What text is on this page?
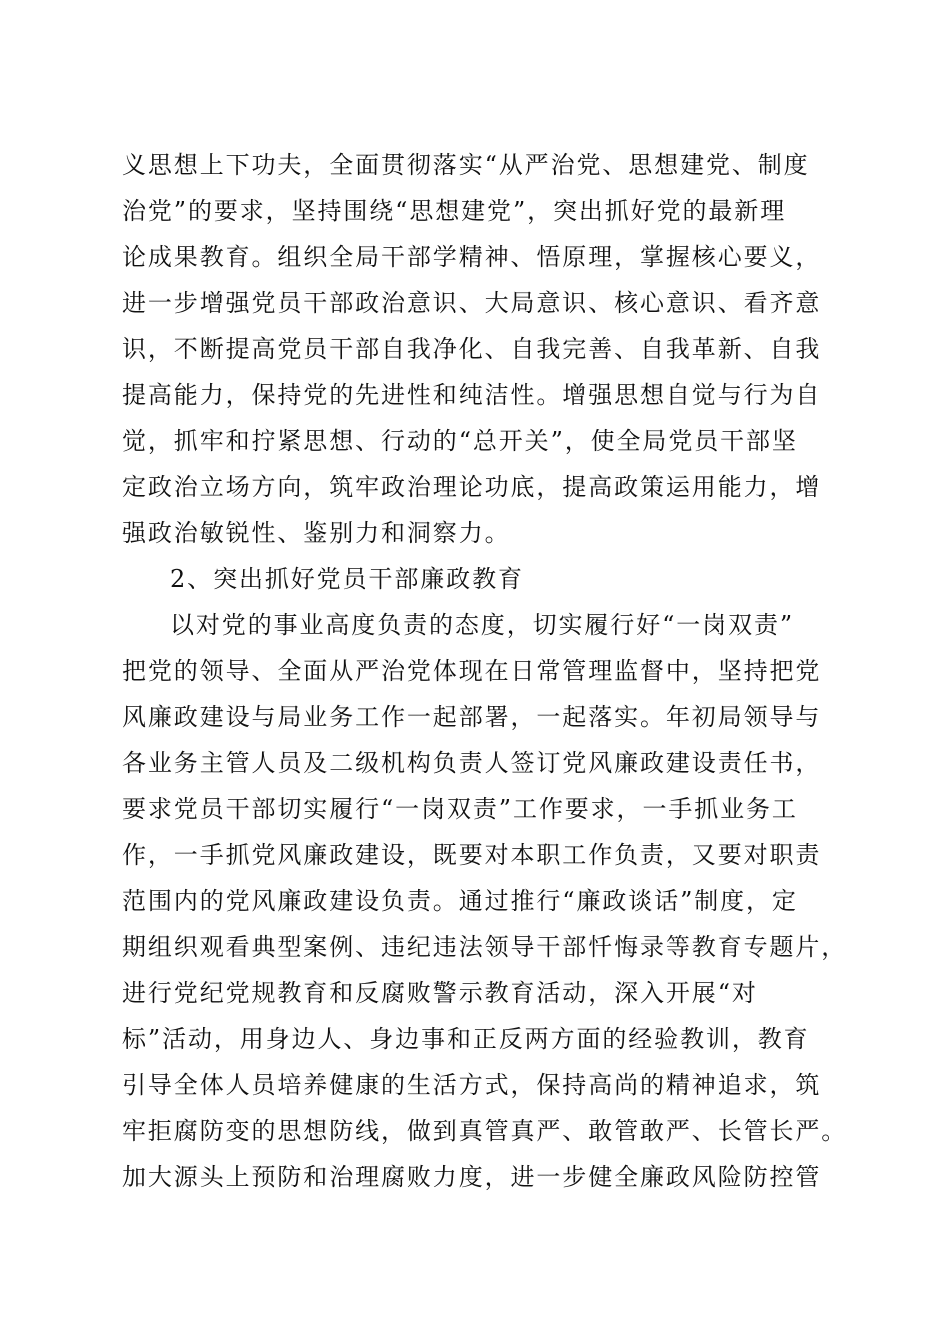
义思想上下功夫，全面贯彻落实“从严治党、思想建党、制度
治党”的要求，坚持围绕“思想建党”，突出抓好党的最新理
论成果教育。组织全局干部学精神、悟原理，掌握核心要义，
进一步增强党员干部政治意识、大局意识、核心意识、看齐意
识，不断提高党员干部自我净化、自我完善、自我革新、自我
提高能力，保持党的先进性和纯洁性。增强思想自觉与行为自
觉，抓牢和拧紧思想、行动的“总开关”，使全局党员干部坚
定政治立场方向，筑牢政治理论功底，提高政策运用能力，增
强政治敏锐性、鉴别力和洞察力。
2、突出抓好党员干部廉政教育
以对党的事业高度负责的态度，切实履行好“一岗双责”
把党的领导、全面从严治党体现在日常管理监督中，坚持把党
风廉政建设与局业务工作一起部署，一起落实。年初局领导与
各业务主管人员及二级机构负责人签订党风廉政建设责任书，
要求党员干部切实履行“一岗双责”工作要求，一手抓业务工
作，一手抓党风廉政建设，既要对本职工作负责，又要对职责
范围内的党风廉政建设负责。通过推行“廉政谈话”制度，定
期组织观看典型案例、违纪违法领导干部忏悔录等教育专题片，
进行党纪党规教育和反腐败警示教育活动，深入开展“对
标”活动，用身边人、身边事和正反两方面的经验教训，教育
引导全体人员培养健康的生活方式，保持高尚的精神追求，筑
牢拒腐防变的思想防线，做到真管真严、敢管敢严、长管长严。
加大源头上预防和治理腐败力度，进一步健全廉政风险防控管
